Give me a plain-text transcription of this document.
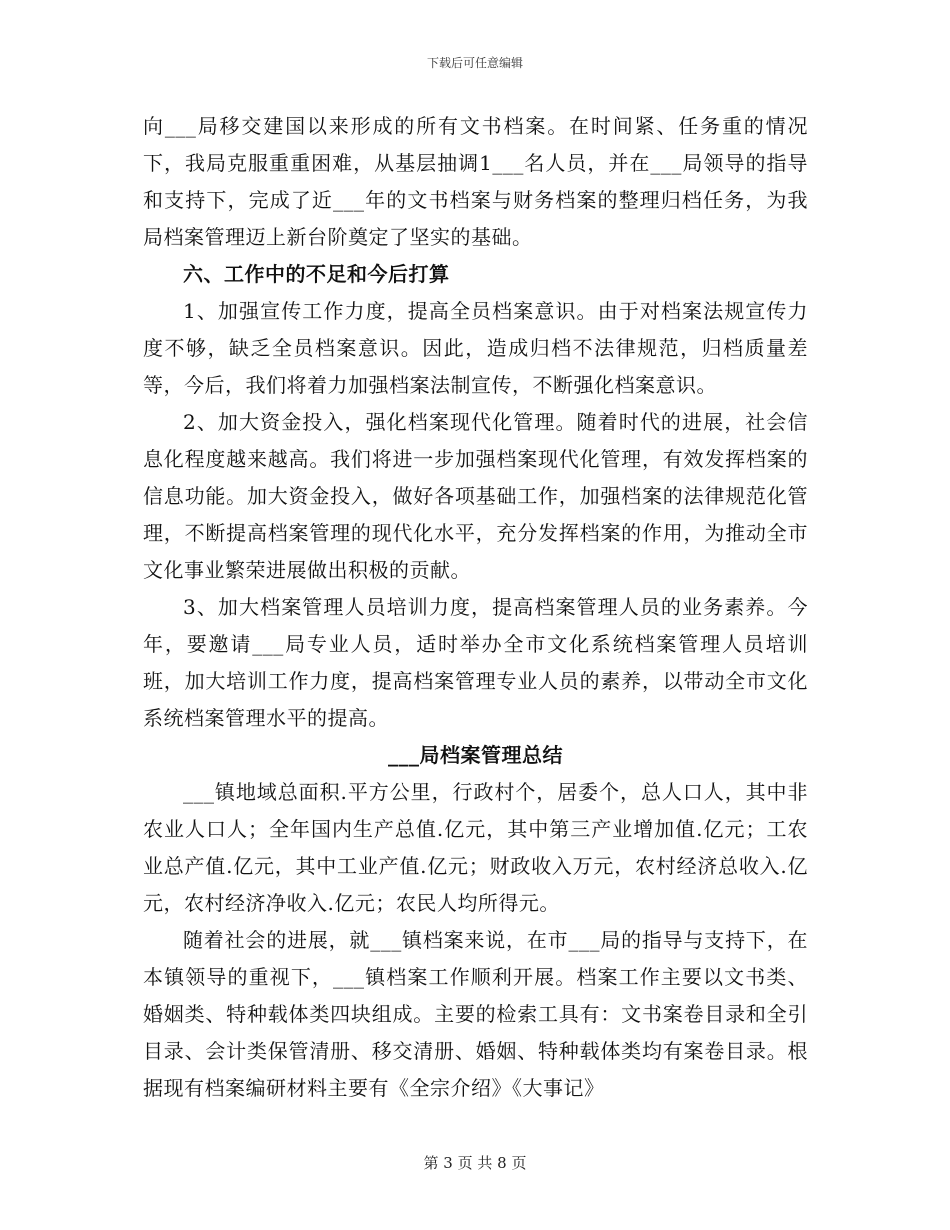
下载后可任意编辑

向___局移交建国以来形成的所有文书档案。在时间紧、任务重的情况下，我局克服重重困难，从基层抽调1___名人员，并在___局领导的指导和支持下，完成了近___年的文书档案与财务档案的整理归档任务，为我局档案管理迈上新台阶奠定了坚实的基础。

六、工作中的不足和今后打算

1、加强宣传工作力度，提高全员档案意识。由于对档案法规宣传力度不够，缺乏全员档案意识。因此，造成归档不法律规范，归档质量差等，今后，我们将着力加强档案法制宣传，不断强化档案意识。

2、加大资金投入，强化档案现代化管理。随着时代的进展，社会信息化程度越来越高。我们将进一步加强档案现代化管理，有效发挥档案的信息功能。加大资金投入，做好各项基础工作，加强档案的法律规范化管理，不断提高档案管理的现代化水平，充分发挥档案的作用，为推动全市文化事业繁荣进展做出积极的贡献。

3、加大档案管理人员培训力度，提高档案管理人员的业务素养。今年，要邀请___局专业人员，适时举办全市文化系统档案管理人员培训班，加大培训工作力度，提高档案管理专业人员的素养，以带动全市文化系统档案管理水平的提高。

___局档案管理总结

___镇地域总面积.平方公里，行政村个，居委个，总人口人，其中非农业人口人；全年国内生产总值.亿元，其中第三产业增加值.亿元；工农业总产值.亿元，其中工业产值.亿元；财政收入万元，农村经济总收入.亿元，农村经济净收入.亿元；农民人均所得元。

随着社会的进展，就___镇档案来说，在市___局的指导与支持下，在本镇领导的重视下，___镇档案工作顺利开展。档案工作主要以文书类、婚姻类、特种载体类四块组成。主要的检索工具有：文书案卷目录和全引目录、会计类保管清册、移交清册、婚姻、特种载体类均有案卷目录。根据现有档案编研材料主要有《全宗介绍》《大事记》

第 3 页 共 8 页
